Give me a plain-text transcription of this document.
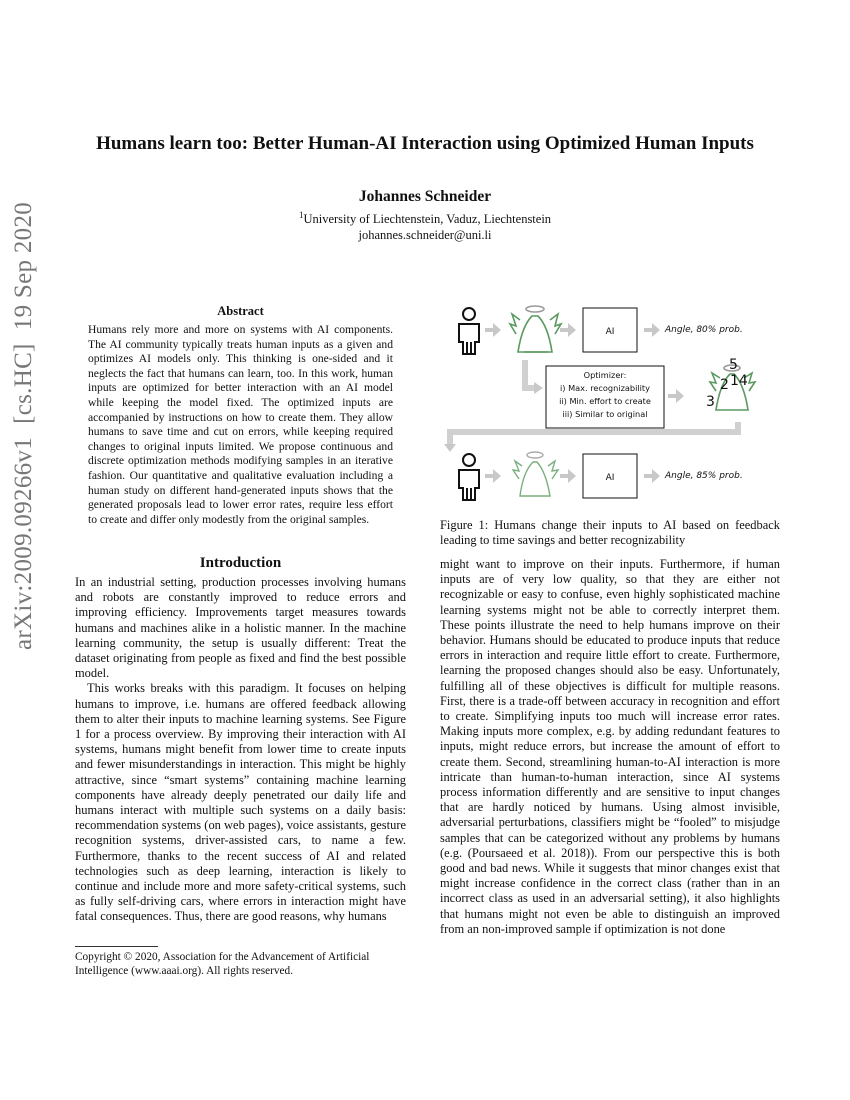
Humans learn too: Better Human-AI Interaction using Optimized Human Inputs
Johannes Schneider
$^1$University of Liechtenstein, Vaduz, Liechtenstein
johannes.schneider@uni.li
arXiv:2009.09266v1  [cs.HC]  19 Sep 2020	Abstract
Humans rely more and more on systems with AI components. The AI community typically treats human inputs as a given and optimizes AI models only. This thinking is one-sided and it neglects the fact that humans can learn, too. In this work, human inputs are optimized for better interaction with an AI model while keeping the model fixed. The optimized inputs are accompanied by instructions on how to create them. They allow humans to save time and cut on errors, while keeping required changes to original inputs limited. We propose continuous and discrete optimization methods modifying samples in an iterative fashion. Our quantitative and qualitative evaluation including a human study on different hand-generated inputs shows that the generated proposals lead to lower error rates, require less effort to create and differ only modestly from the original samples.
Introduction

In an industrial setting, production processes involving humans and robots are constantly improved to reduce errors and improving efficiency. Improvements target measures towards humans and machines alike in a holistic manner. In the machine learning community, the setup is usually different: Treat the dataset originating from people as fixed and find the best possible model.

This works breaks with this paradigm. It focuses on helping humans to improve, i.e. humans are offered feedback allowing them to alter their inputs to machine learning systems. See Figure 1 for a process overview. By improving their interaction with AI systems, humans might benefit from lower time to create inputs and fewer misunderstandings in interaction. This might be highly attractive, since “smart systems” containing machine learning components have already deeply penetrated our daily life and humans interact with multiple such systems on a daily basis: recommendation systems (on web pages), voice assistants, gesture recognition systems, driver-assisted cars, to name a few. Furthermore, thanks to the recent success of AI and related technologies such as deep learning, interaction is likely to continue and include more and more safety-critical systems, such as fully self-driving cars, where errors in interaction might have fatal consequences. Thus, there are good reasons, why humans

Copyright © 2020, Association for the Advancement of Artificial Intelligence (www.aaai.org). All rights reserved.
AI	Angle, 80% prob.
Optimizer:
i) Max. recognizability
ii) Min. effort to create
iii) Similar to original
5
2 14
3
AI	Angle, 85% prob.
Figure 1: Humans change their inputs to AI based on feedback leading to time savings and better recognizability

might want to improve on their inputs. Furthermore, if human inputs are of very low quality, so that they are either not recognizable or easy to confuse, even highly sophisticated machine learning systems might not be able to correctly interpret them. These points illustrate the need to help humans improve on their behavior. Humans should be educated to produce inputs that reduce errors in interaction and require little effort to create. Furthermore, learning the proposed changes should also be easy. Unfortunately, fulfilling all of these objectives is difficult for multiple reasons. First, there is a trade-off between accuracy in recognition and effort to create. Simplifying inputs too much will increase error rates. Making inputs more complex, e.g. by adding redundant features to inputs, might reduce errors, but increase the amount of effort to create them. Second, streamlining human-to-AI interaction is more intricate than human-to-human interaction, since AI systems process information differently and are sensitive to input changes that are hardly noticed by humans. Using almost invisible, adversarial perturbations, classifiers might be “fooled” to misjudge samples that can be categorized without any problems by humans (e.g. (Poursaeed et al. 2018)). From our perspective this is both good and bad news. While it suggests that minor changes exist that might increase confidence in the correct class (rather than in an incorrect class as used in an adversarial setting), it also highlights that humans might not even be able to distinguish an improved from an non-improved sample if optimization is not done
